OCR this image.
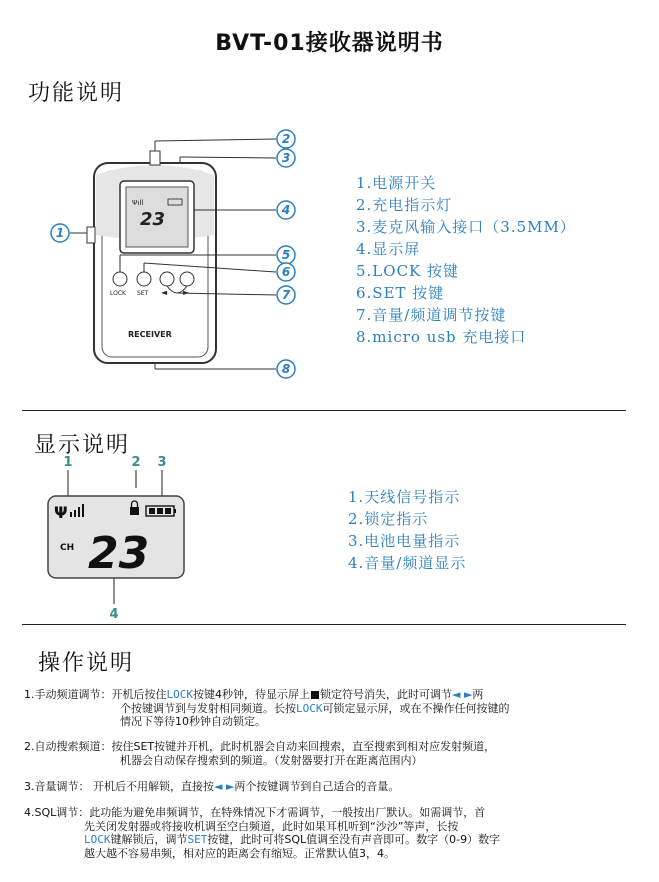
BVT-01接收器说明书
功能说明
Ψıll
23
LOCK SET ◄ ►
RECEIVER
1
2
3
4
5
6
7
8
1.电源开关
2.充电指示灯
3.麦克风输入接口（3.5MM）
4.显示屏
5.LOCK 按键
6.SET 按键
7.音量/频道调节按键
8.micro usb 充电接口
显示说明
1	2 3
4
Ψ
CH 23
1.天线信号指示
2.锁定指示
3.电池电量指示
4.音量/频道显示
操作说明
1.手动频道调节：开机后按住LOCK按键4秒钟，待显示屏上 锁定符号消失，此时可调节◄ ►两
个按键调节到与发射相同频道。长按LOCK可锁定显示屏，或在不操作任何按键的
情况下等待10秒钟自动锁定。
2.自动搜索频道：按住SET按键并开机，此时机器会自动来回搜索，直至搜索到相对应发射频道，
机器会自动保存搜索到的频道。（发射器要打开在距离范围内）
3.音量调节： 开机后不用解锁，直接按◄ ►两个按键调节到自己适合的音量。
4.SQL调节：此功能为避免串频调节，在特殊情况下才需调节，一般按出厂默认。如需调节，首
先关闭发射器或将接收机调至空白频道，此时如果耳机听到“沙沙”等声，长按
LOCK键解锁后，调节SET按键，此时可将SQL值调至没有声音即可。数字（0-9）数字
越大越不容易串频，相对应的距离会有缩短。正常默认值3，4。
